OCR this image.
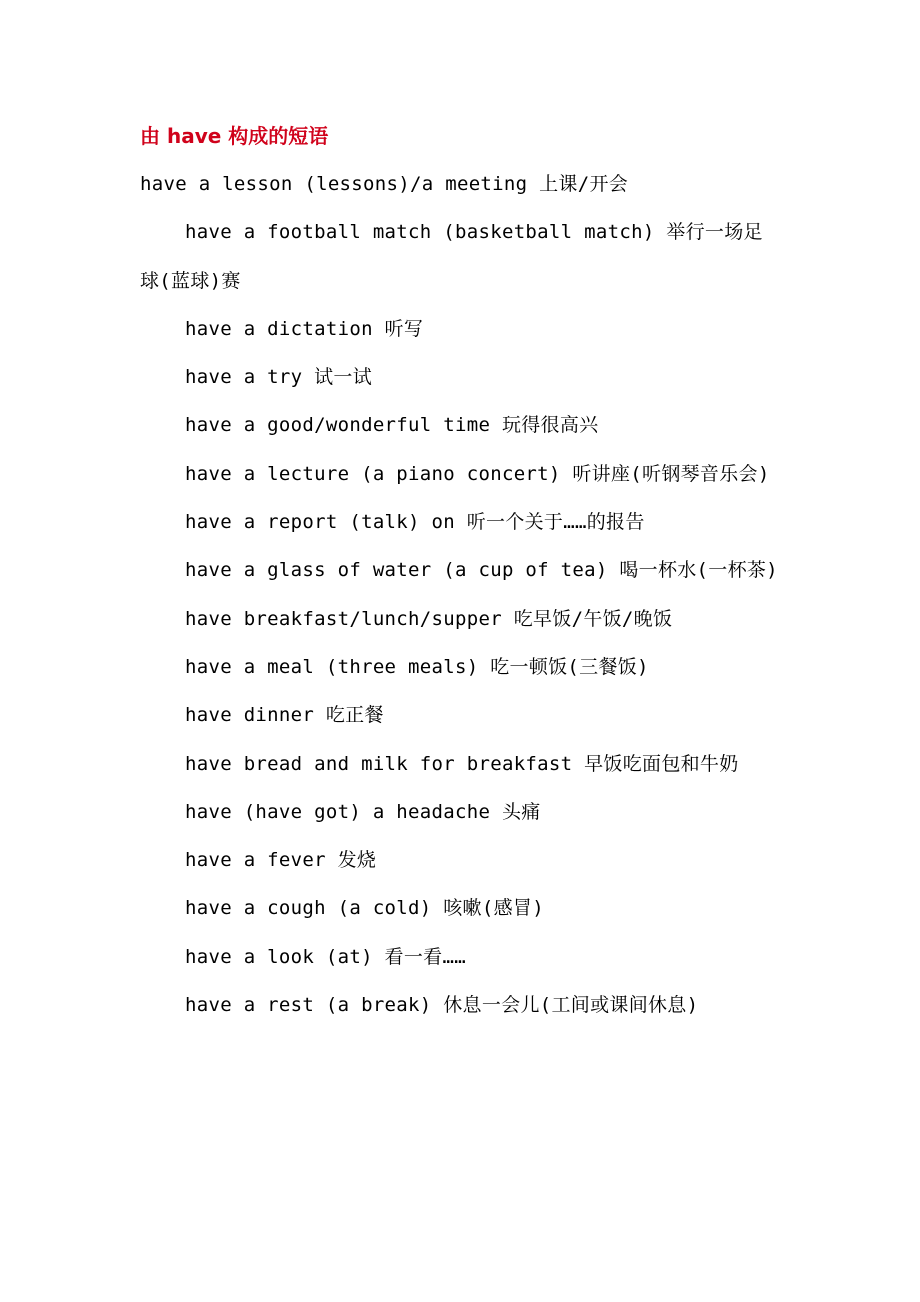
由 have 构成的短语
have a lesson (lessons)/a meeting 上课/开会
have a football match (basketball match) 举行一场足球(蓝球)赛
have a dictation 听写
have a try 试一试
have a good/wonderful time 玩得很高兴
have a lecture (a piano concert) 听讲座(听钢琴音乐会)
have a report (talk) on 听一个关于……的报告
have a glass of water (a cup of tea) 喝一杯水(一杯茶)
have breakfast/lunch/supper 吃早饭/午饭/晚饭
have a meal (three meals) 吃一顿饭(三餐饭)
have dinner 吃正餐
have bread and milk for breakfast 早饭吃面包和牛奶
have (have got) a headache 头痛
have a fever 发烧
have a cough (a cold) 咳嗽(感冒)
have a look (at) 看一看……
have a rest (a break) 休息一会儿(工间或课间休息)
